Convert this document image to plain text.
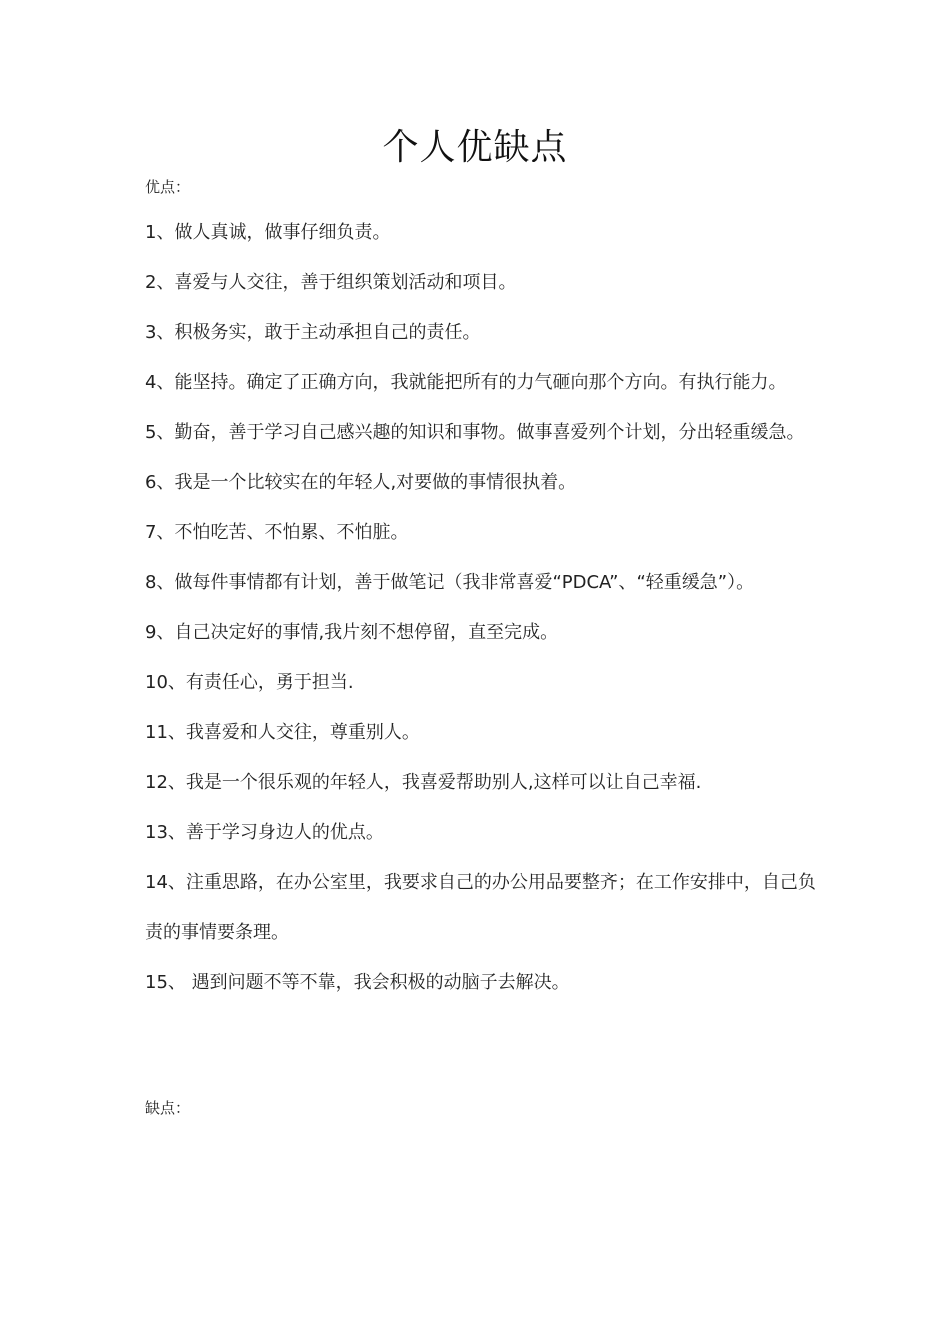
个人优缺点
优点：
1、做人真诚，做事仔细负责。
2、喜爱与人交往，善于组织策划活动和项目。
3、积极务实，敢于主动承担自己的责任。
4、能坚持。确定了正确方向，我就能把所有的力气砸向那个方向。有执行能力。
5、勤奋，善于学习自己感兴趣的知识和事物。做事喜爱列个计划，分出轻重缓急。
6、我是一个比较实在的年轻人,对要做的事情很执着。
7、不怕吃苦、不怕累、不怕脏。
8、做每件事情都有计划，善于做笔记（我非常喜爱“PDCA”、“轻重缓急”）。
9、自己决定好的事情,我片刻不想停留，直至完成。
10、有责任心，勇于担当.
11、我喜爱和人交往，尊重别人。
12、我是一个很乐观的年轻人，我喜爱帮助别人,这样可以让自己幸福.
13、善于学习身边人的优点。
14、注重思路，在办公室里，我要求自己的办公用品要整齐；在工作安排中，自己负责的事情要条理。
15、 遇到问题不等不靠，我会积极的动脑子去解决。
缺点：
